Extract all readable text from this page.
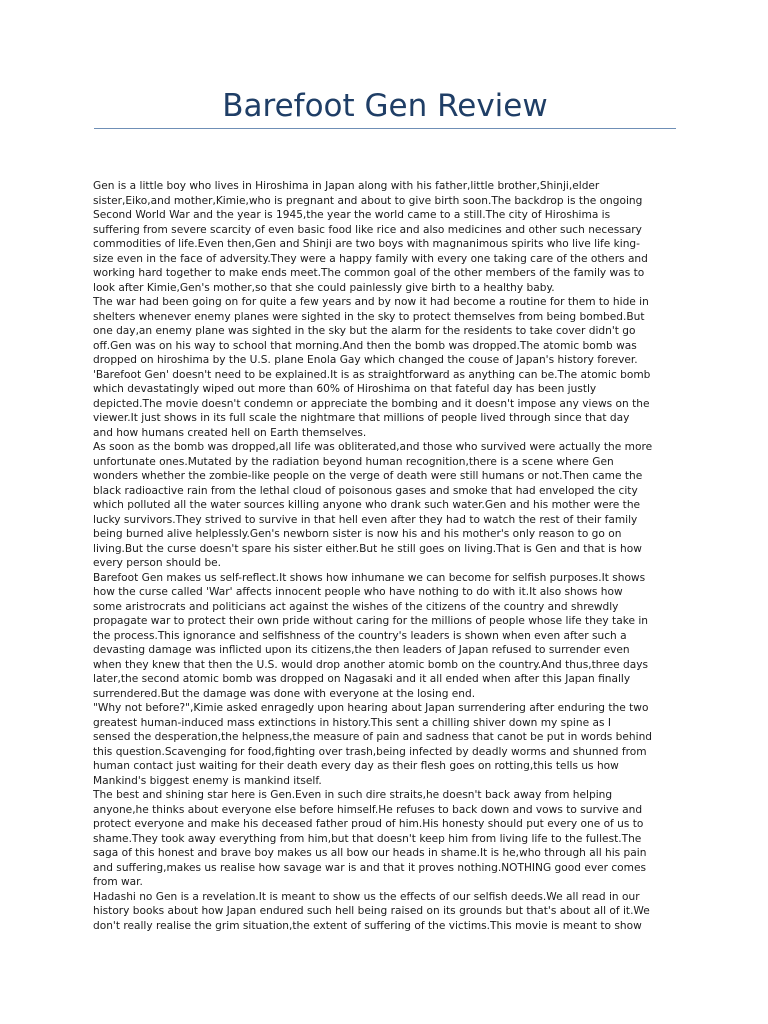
Barefoot Gen Review
Gen is a little boy who lives in Hiroshima in Japan along with his father,little brother,Shinji,elder
sister,Eiko,and mother,Kimie,who is pregnant and about to give birth soon.The backdrop is the ongoing
Second World War and the year is 1945,the year the world came to a still.The city of Hiroshima is
suffering from severe scarcity of even basic food like rice and also medicines and other such necessary
commodities of life.Even then,Gen and Shinji are two boys with magnanimous spirits who live life king-
size even in the face of adversity.They were a happy family with every one taking care of the others and
working hard together to make ends meet.The common goal of the other members of the family was to
look after Kimie,Gen's mother,so that she could painlessly give birth to a healthy baby.
The war had been going on for quite a few years and by now it had become a routine for them to hide in
shelters whenever enemy planes were sighted in the sky to protect themselves from being bombed.But
one day,an enemy plane was sighted in the sky but the alarm for the residents to take cover didn't go
off.Gen was on his way to school that morning.And then the bomb was dropped.The atomic bomb was
dropped on hiroshima by the U.S. plane Enola Gay which changed the couse of Japan's history forever.
'Barefoot Gen' doesn't need to be explained.It is as straightforward as anything can be.The atomic bomb
which devastatingly wiped out more than 60% of Hiroshima on that fateful day has been justly
depicted.The movie doesn't condemn or appreciate the bombing and it doesn't impose any views on the
viewer.It just shows in its full scale the nightmare that millions of people lived through since that day
and how humans created hell on Earth themselves.
As soon as the bomb was dropped,all life was obliterated,and those who survived were actually the more
unfortunate ones.Mutated by the radiation beyond human recognition,there is a scene where Gen
wonders whether the zombie-like people on the verge of death were still humans or not.Then came the
black radioactive rain from the lethal cloud of poisonous gases and smoke that had enveloped the city
which polluted all the water sources killing anyone who drank such water.Gen and his mother were the
lucky survivors.They strived to survive in that hell even after they had to watch the rest of their family
being burned alive helplessly.Gen's newborn sister is now his and his mother's only reason to go on
living.But the curse doesn't spare his sister either.But he still goes on living.That is Gen and that is how
every person should be.
Barefoot Gen makes us self-reflect.It shows how inhumane we can become for selfish purposes.It shows
how the curse called 'War' affects innocent people who have nothing to do with it.It also shows how
some aristrocrats and politicians act against the wishes of the citizens of the country and shrewdly
propagate war to protect their own pride without caring for the millions of people whose life they take in
the process.This ignorance and selfishness of the country's leaders is shown when even after such a
devasting damage was inflicted upon its citizens,the then leaders of Japan refused to surrender even
when they knew that then the U.S. would drop another atomic bomb on the country.And thus,three days
later,the second atomic bomb was dropped on Nagasaki and it all ended when after this Japan finally
surrendered.But the damage was done with everyone at the losing end.
"Why not before?",Kimie asked enragedly upon hearing about Japan surrendering after enduring the two
greatest human-induced mass extinctions in history.This sent a chilling shiver down my spine as I
sensed the desperation,the helpness,the measure of pain and sadness that canot be put in words behind
this question.Scavenging for food,fighting over trash,being infected by deadly worms and shunned from
human contact just waiting for their death every day as their flesh goes on rotting,this tells us how
Mankind's biggest enemy is mankind itself.
The best and shining star here is Gen.Even in such dire straits,he doesn't back away from helping
anyone,he thinks about everyone else before himself.He refuses to back down and vows to survive and
protect everyone and make his deceased father proud of him.His honesty should put every one of us to
shame.They took away everything from him,but that doesn't keep him from living life to the fullest.The
saga of this honest and brave boy makes us all bow our heads in shame.It is he,who through all his pain
and suffering,makes us realise how savage war is and that it proves nothing.NOTHING good ever comes
from war.
Hadashi no Gen is a revelation.It is meant to show us the effects of our selfish deeds.We all read in our
history books about how Japan endured such hell being raised on its grounds but that's about all of it.We
don't really realise the grim situation,the extent of suffering of the victims.This movie is meant to show
